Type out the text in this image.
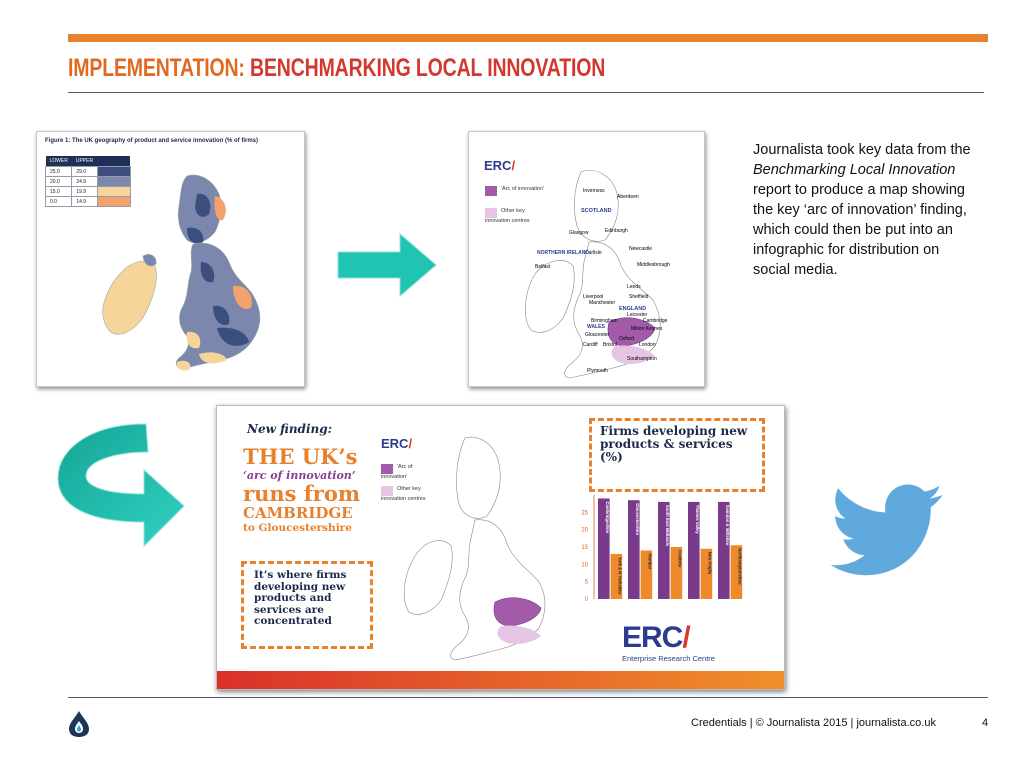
IMPLEMENTATION: BENCHMARKING LOCAL INNOVATION
Figure 1: The UK geography of product and service innovation (% of firms)
LOWER	UPPER	
25.0	29.0	
20.0	24.9	
15.0	19.9	
0.0	14.9	
ERC/
'Arc of innovation'
Other key innovation centres
Inverness
Aberdeen
Glasgow	Edinburgh
Newcastle
Carlisle
Middlesbrough
Belfast
Leeds
Liverpool	Sheffield
Manchester
Leicester
Birmingham	Cambridge
Milton Keynes
Gloucester
Oxford
Cardiff Bristol	London
Southampton
Plymouth
SCOTLAND
NORTHERN IRELAND
ENGLAND
WALES

Journalista took key data from the Benchmarking Local Innovation report to produce a map showing the key ‘arc of innovation’ finding, which could then be put into an infographic for distribution on social media.

New finding:
THE UK’s
‘arc of innovation’
runs from
CAMBRIDGE
to Gloucestershire
It’s where firms developing new products and services are concentrated
ERC/
'Arc of innovation'
Other key innovation centres
Firms developing new products & services (%)
0
5
10
15
20
25	Cambridgeshire
York & N Yorkshire
Gloucestershire
Humber
South East Midlands
Cumbria
Thames Valley
New Anglia
Swindon & Wiltshire
Northamptonshire
ERC/
Enterprise Research Centre
Credentials | © Journalista 2015 | journalista.co.uk	4
